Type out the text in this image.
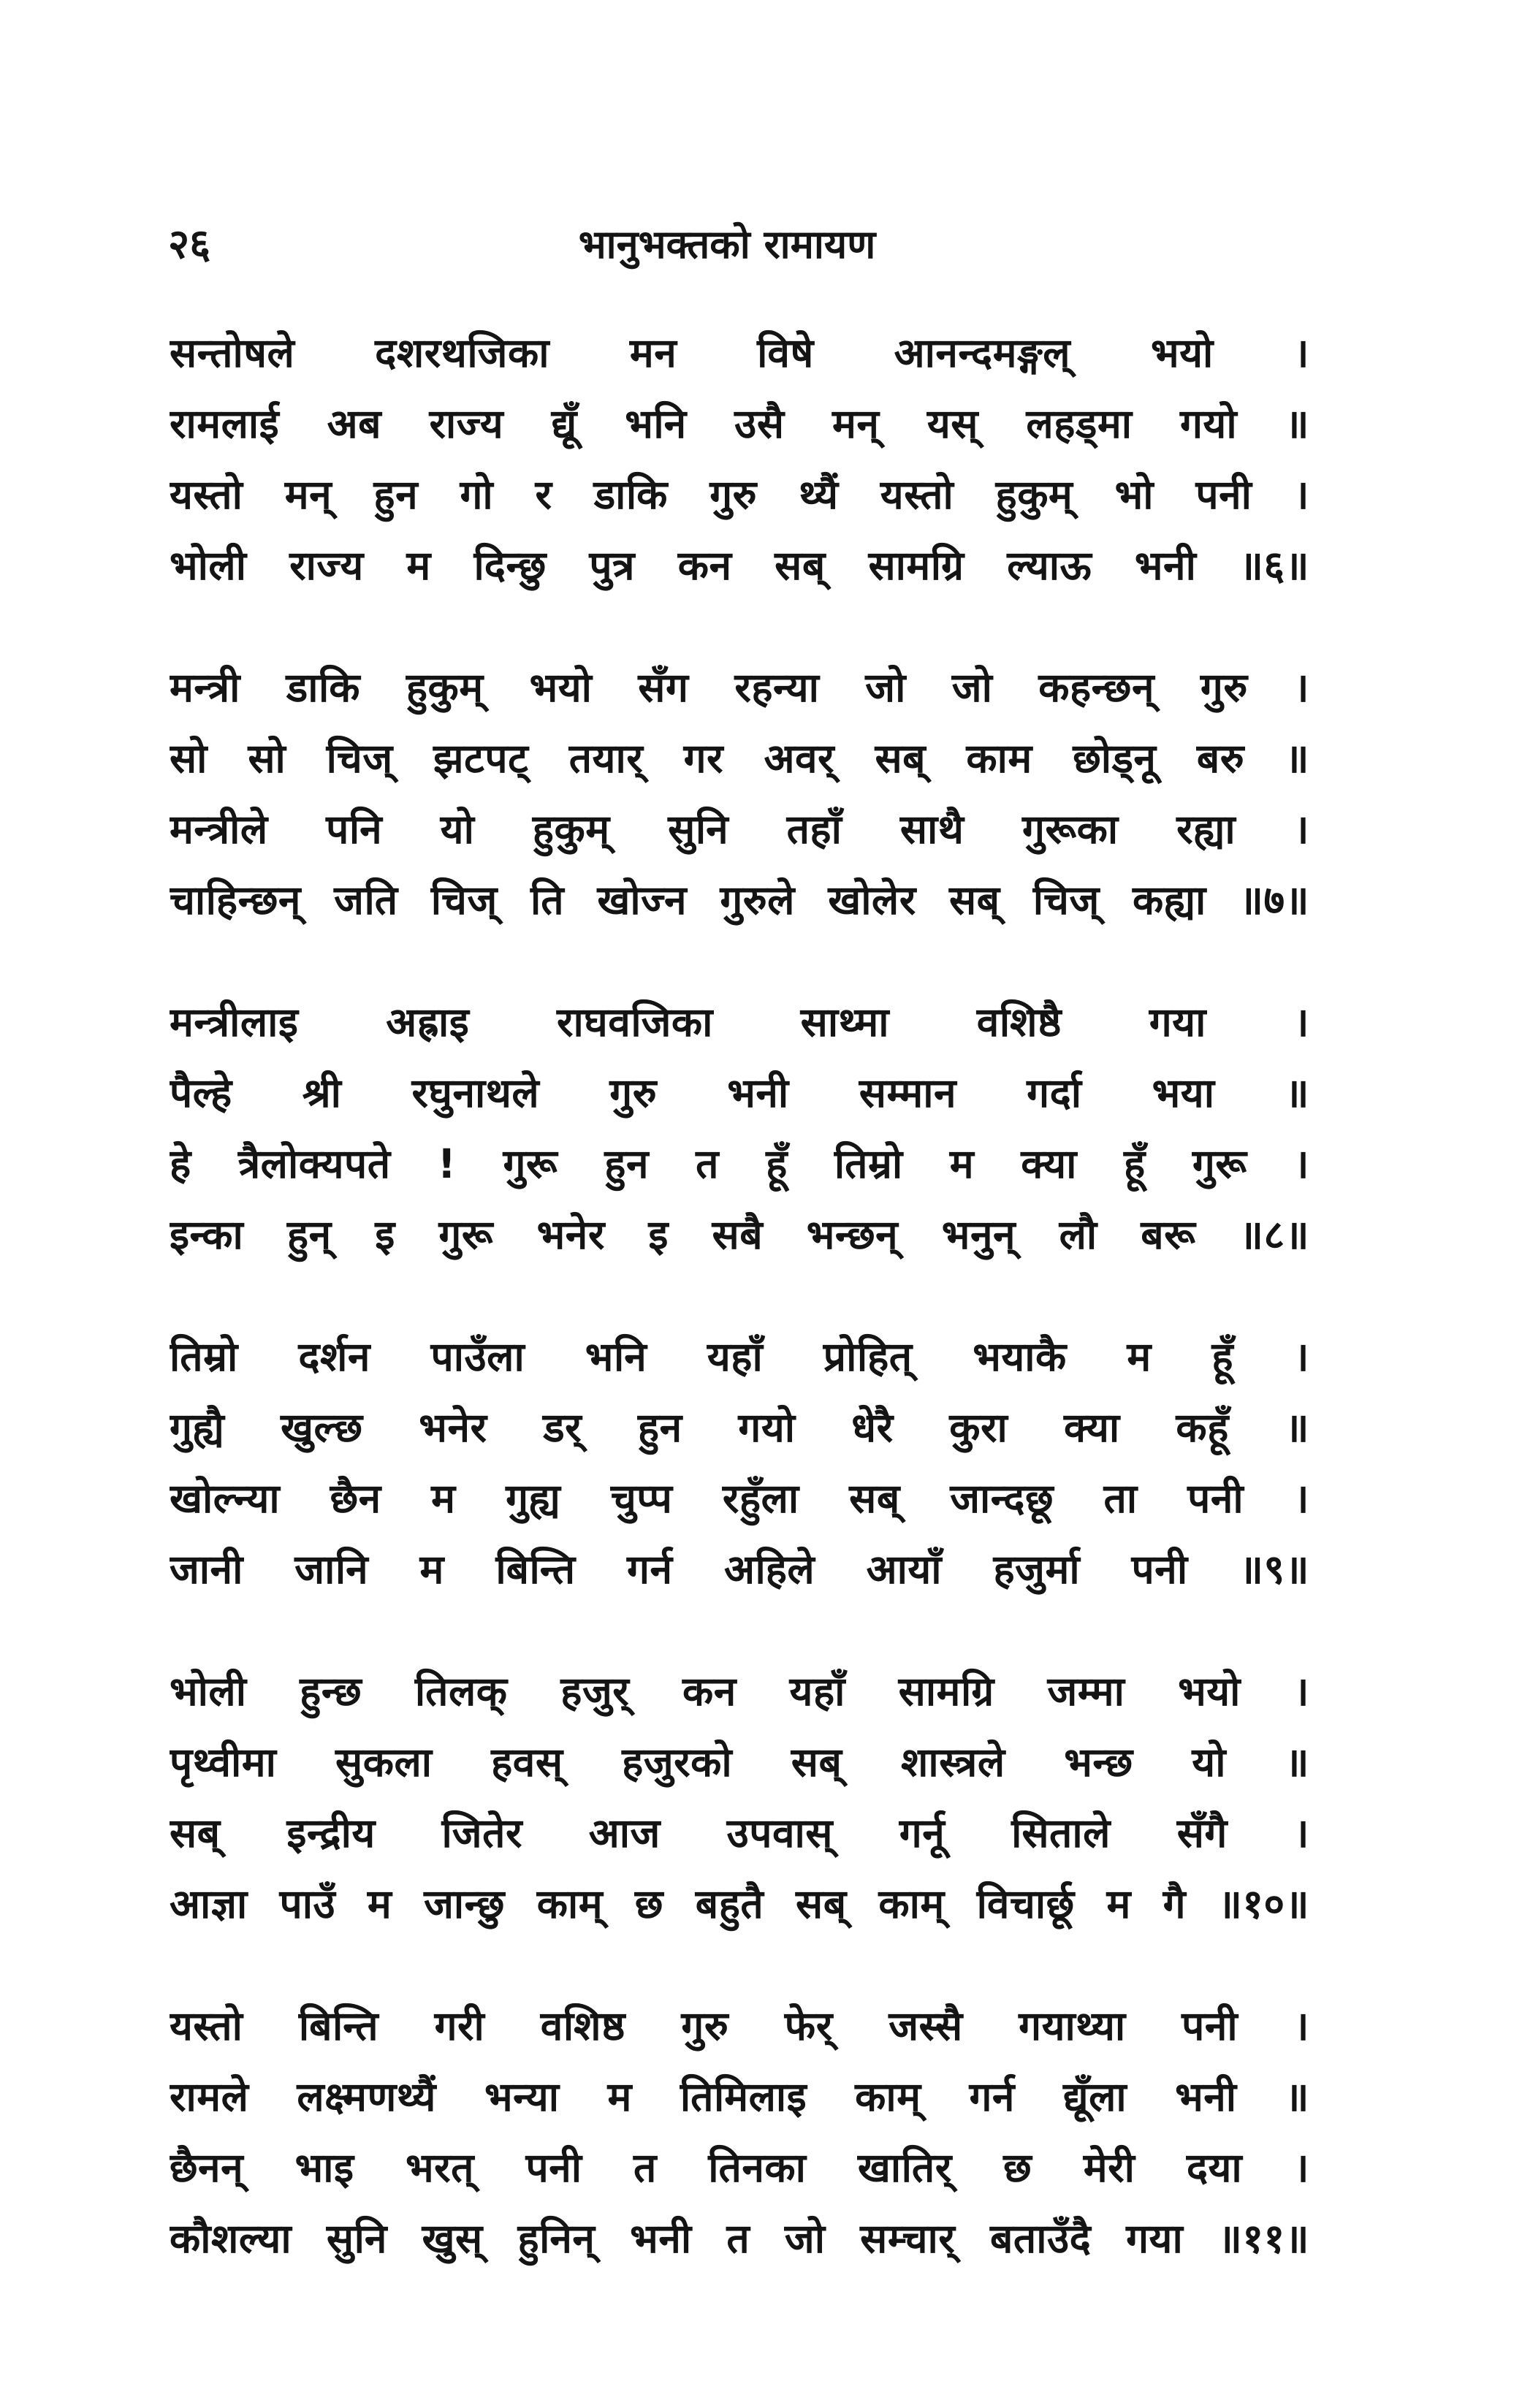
२६	भानुभक्तको रामायण
सन्तोषले दशरथजिका मन विषे आनन्दमङ्गल् भयो ।
रामलाई अब राज्य द्यूँ भनि उसै मन् यस् लहड्मा गयो ॥
यस्तो मन् हुन गो र डाकि गुरु थ्यैं यस्तो हुकुम् भो पनी ।
भोली राज्य म दिन्छु पुत्र कन सब् सामग्रि ल्याऊ भनी ॥६॥
मन्त्री डाकि हुकुम् भयो सँग रहन्या जो जो कहन्छन् गुरु ।
सो सो चिज् झटपट् तयार् गर अवर् सब् काम छोड्नू बरु ॥
मन्त्रीले पनि यो हुकुम् सुनि तहाँ साथै गुरूका रह्या ।
चाहिन्छन् जति चिज् ति खोज्न गुरुले खोलेर सब् चिज् कह्या ॥७॥
मन्त्रीलाइ अह्राइ राघवजिका साथ्मा वशिष्ठै गया ।
पैल्हे श्री रघुनाथले गुरु भनी सम्मान गर्दा भया ॥
हे त्रैलोक्यपते ! गुरू हुन त हूँ तिम्रो म क्या हूँ गुरू ।
इन्का हुन् इ गुरू भनेर इ सबै भन्छन् भनुन् लौ बरू ॥८॥
तिम्रो दर्शन पाउँला भनि यहाँ प्रोहित् भयाकै म हूँ ।
गुह्यै खुल्छ भनेर डर् हुन गयो धेरै कुरा क्या कहूँ ॥
खोल्न्या छैन म गुह्य चुप्प रहुँला सब् जान्दछू ता पनी ।
जानी जानि म बिन्ति गर्न अहिले आयाँ हजुर्मा पनी ॥९॥
भोली हुन्छ तिलक् हजुर् कन यहाँ सामग्रि जम्मा भयो ।
पृथ्वीमा सुकला हवस् हजुरको सब् शास्त्रले भन्छ यो ॥
सब् इन्द्रीय जितेर आज उपवास् गर्नू सिताले सँगै ।
आज्ञा पाउँ म जान्छु काम् छ बहुतै सब् काम् विचार्छू म गै ॥१०॥
यस्तो बिन्ति गरी वशिष्ठ गुरु फेर् जस्सै गयाथ्या पनी ।
रामले लक्ष्मणथ्यैं भन्या म तिमिलाइ काम् गर्न द्यूँला भनी ॥
छैनन् भाइ भरत् पनी त तिनका खातिर् छ मेरी दया ।
कौशल्या सुनि खुस् हुनिन् भनी त जो सम्चार् बताउँदै गया ॥११॥
